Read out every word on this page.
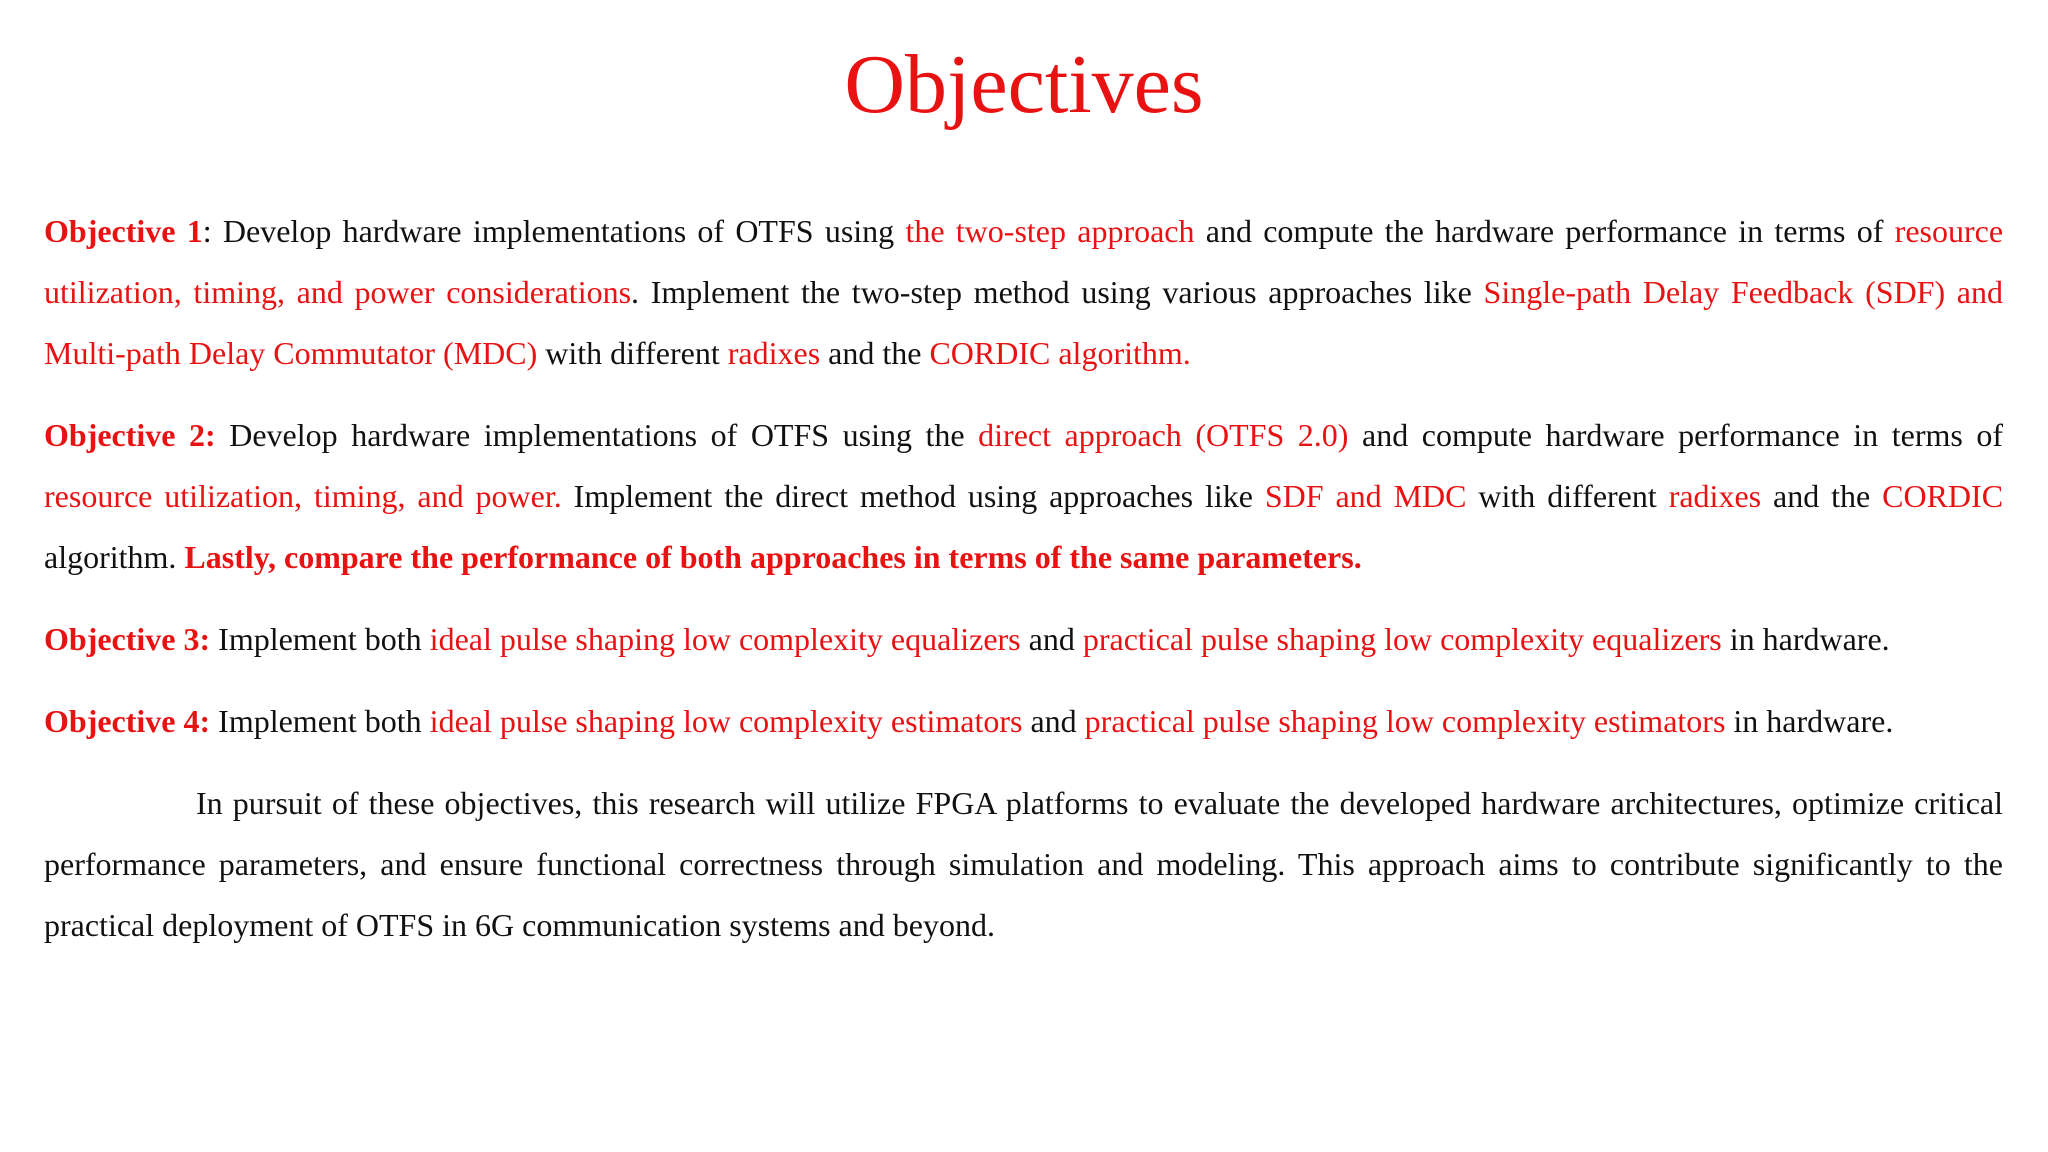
Objectives

Objective 1: Develop hardware implementations of OTFS using the two-step approach and compute the hardware performance in terms of resource utilization, timing, and power considerations. Implement the two-step method using various approaches like Single-path Delay Feedback (SDF) and Multi-path Delay Commutator (MDC) with different radixes and the CORDIC algorithm.

Objective 2: Develop hardware implementations of OTFS using the direct approach (OTFS 2.0) and compute hardware performance in terms of resource utilization, timing, and power. Implement the direct method using approaches like SDF and MDC with different radixes and the CORDIC algorithm. Lastly, compare the performance of both approaches in terms of the same parameters.

Objective 3: Implement both ideal pulse shaping low complexity equalizers and practical pulse shaping low complexity equalizers in hardware.

Objective 4: Implement both ideal pulse shaping low complexity estimators and practical pulse shaping low complexity estimators in hardware.

In pursuit of these objectives, this research will utilize FPGA platforms to evaluate the developed hardware architectures, optimize critical performance parameters, and ensure functional correctness through simulation and modeling. This approach aims to contribute significantly to the practical deployment of OTFS in 6G communication systems and beyond.
